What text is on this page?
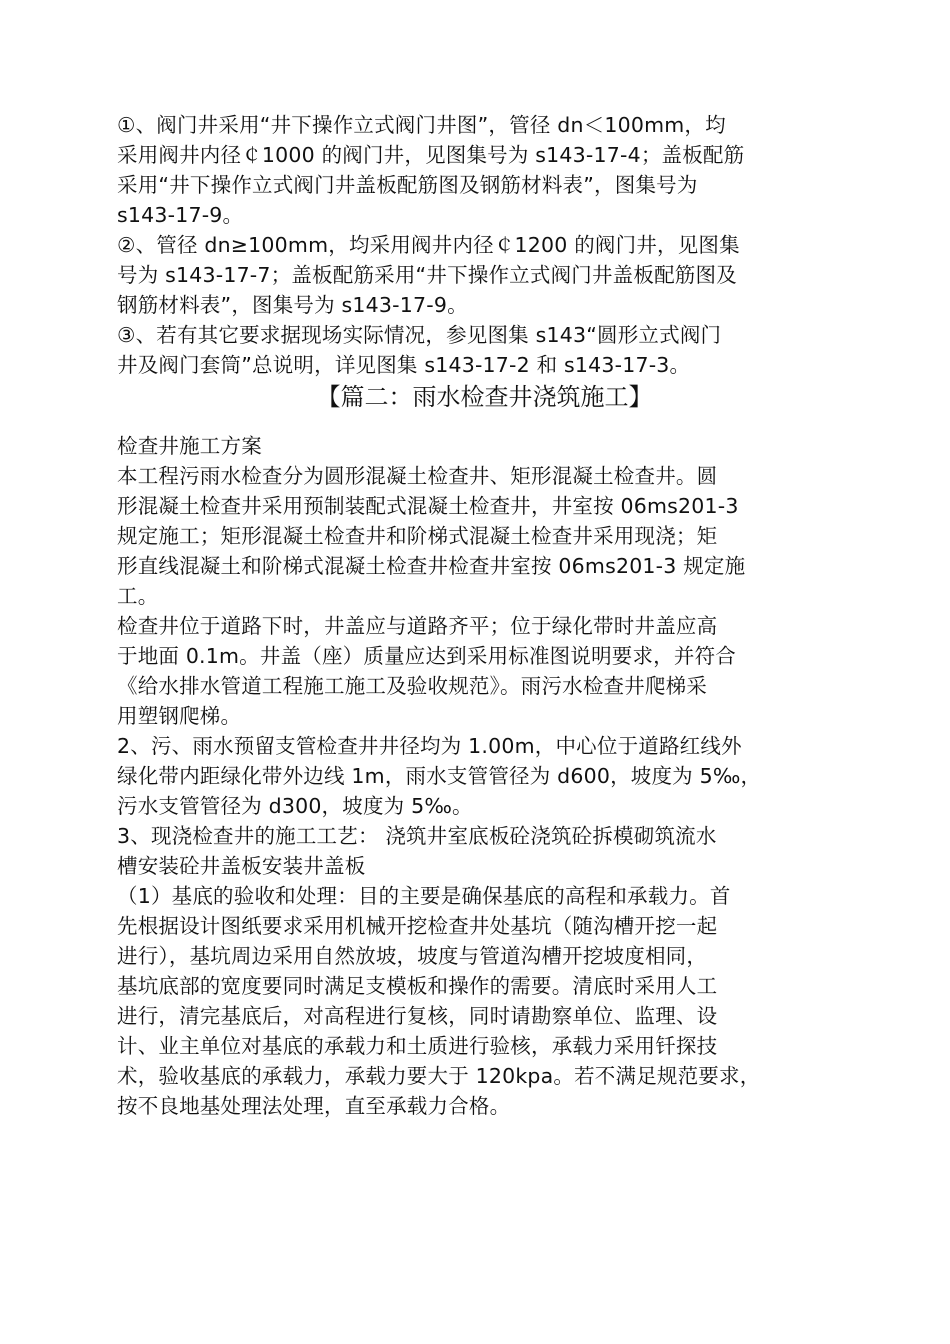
①、阀门井采用“井下操作立式阀门井图”，管径 dn＜100mm，均
采用阀井内径￠1000 的阀门井，见图集号为 s143-17-4；盖板配筋
采用“井下操作立式阀门井盖板配筋图及钢筋材料表”，图集号为
s143-17-9。
②、管径 dn≥100mm，均采用阀井内径￠1200 的阀门井，见图集
号为 s143-17-7；盖板配筋采用“井下操作立式阀门井盖板配筋图及
钢筋材料表”，图集号为 s143-17-9。
③、若有其它要求据现场实际情况，参见图集 s143“圆形立式阀门
井及阀门套筒”总说明，详见图集 s143-17-2 和 s143-17-3。
【篇二：雨水检查井浇筑施工】
检查井施工方案
本工程污雨水检查分为圆形混凝土检查井、矩形混凝土检查井。圆
形混凝土检查井采用预制装配式混凝土检查井，井室按 06ms201-3
规定施工；矩形混凝土检查井和阶梯式混凝土检查井采用现浇；矩
形直线混凝土和阶梯式混凝土检查井检查井室按 06ms201-3 规定施
工。
检查井位于道路下时，井盖应与道路齐平；位于绿化带时井盖应高
于地面 0.1m。井盖（座）质量应达到采用标准图说明要求，并符合
《给水排水管道工程施工施工及验收规范》。雨污水检查井爬梯采
用塑钢爬梯。
2、污、雨水预留支管检查井井径均为 1.00m，中心位于道路红线外
绿化带内距绿化带外边线 1m，雨水支管管径为 d600，坡度为 5‰，
污水支管管径为 d300，坡度为 5‰。
3、现浇检查井的施工工艺： 浇筑井室底板砼浇筑砼拆模砌筑流水
槽安装砼井盖板安装井盖板
（1）基底的验收和处理：目的主要是确保基底的高程和承载力。首
先根据设计图纸要求采用机械开挖检查井处基坑（随沟槽开挖一起
进行），基坑周边采用自然放坡，坡度与管道沟槽开挖坡度相同，
基坑底部的宽度要同时满足支模板和操作的需要。清底时采用人工
进行，清完基底后，对高程进行复核，同时请勘察单位、监理、设
计、业主单位对基底的承载力和土质进行验核，承载力采用钎探技
术，验收基底的承载力，承载力要大于 120kpa。若不满足规范要求，
按不良地基处理法处理，直至承载力合格。
